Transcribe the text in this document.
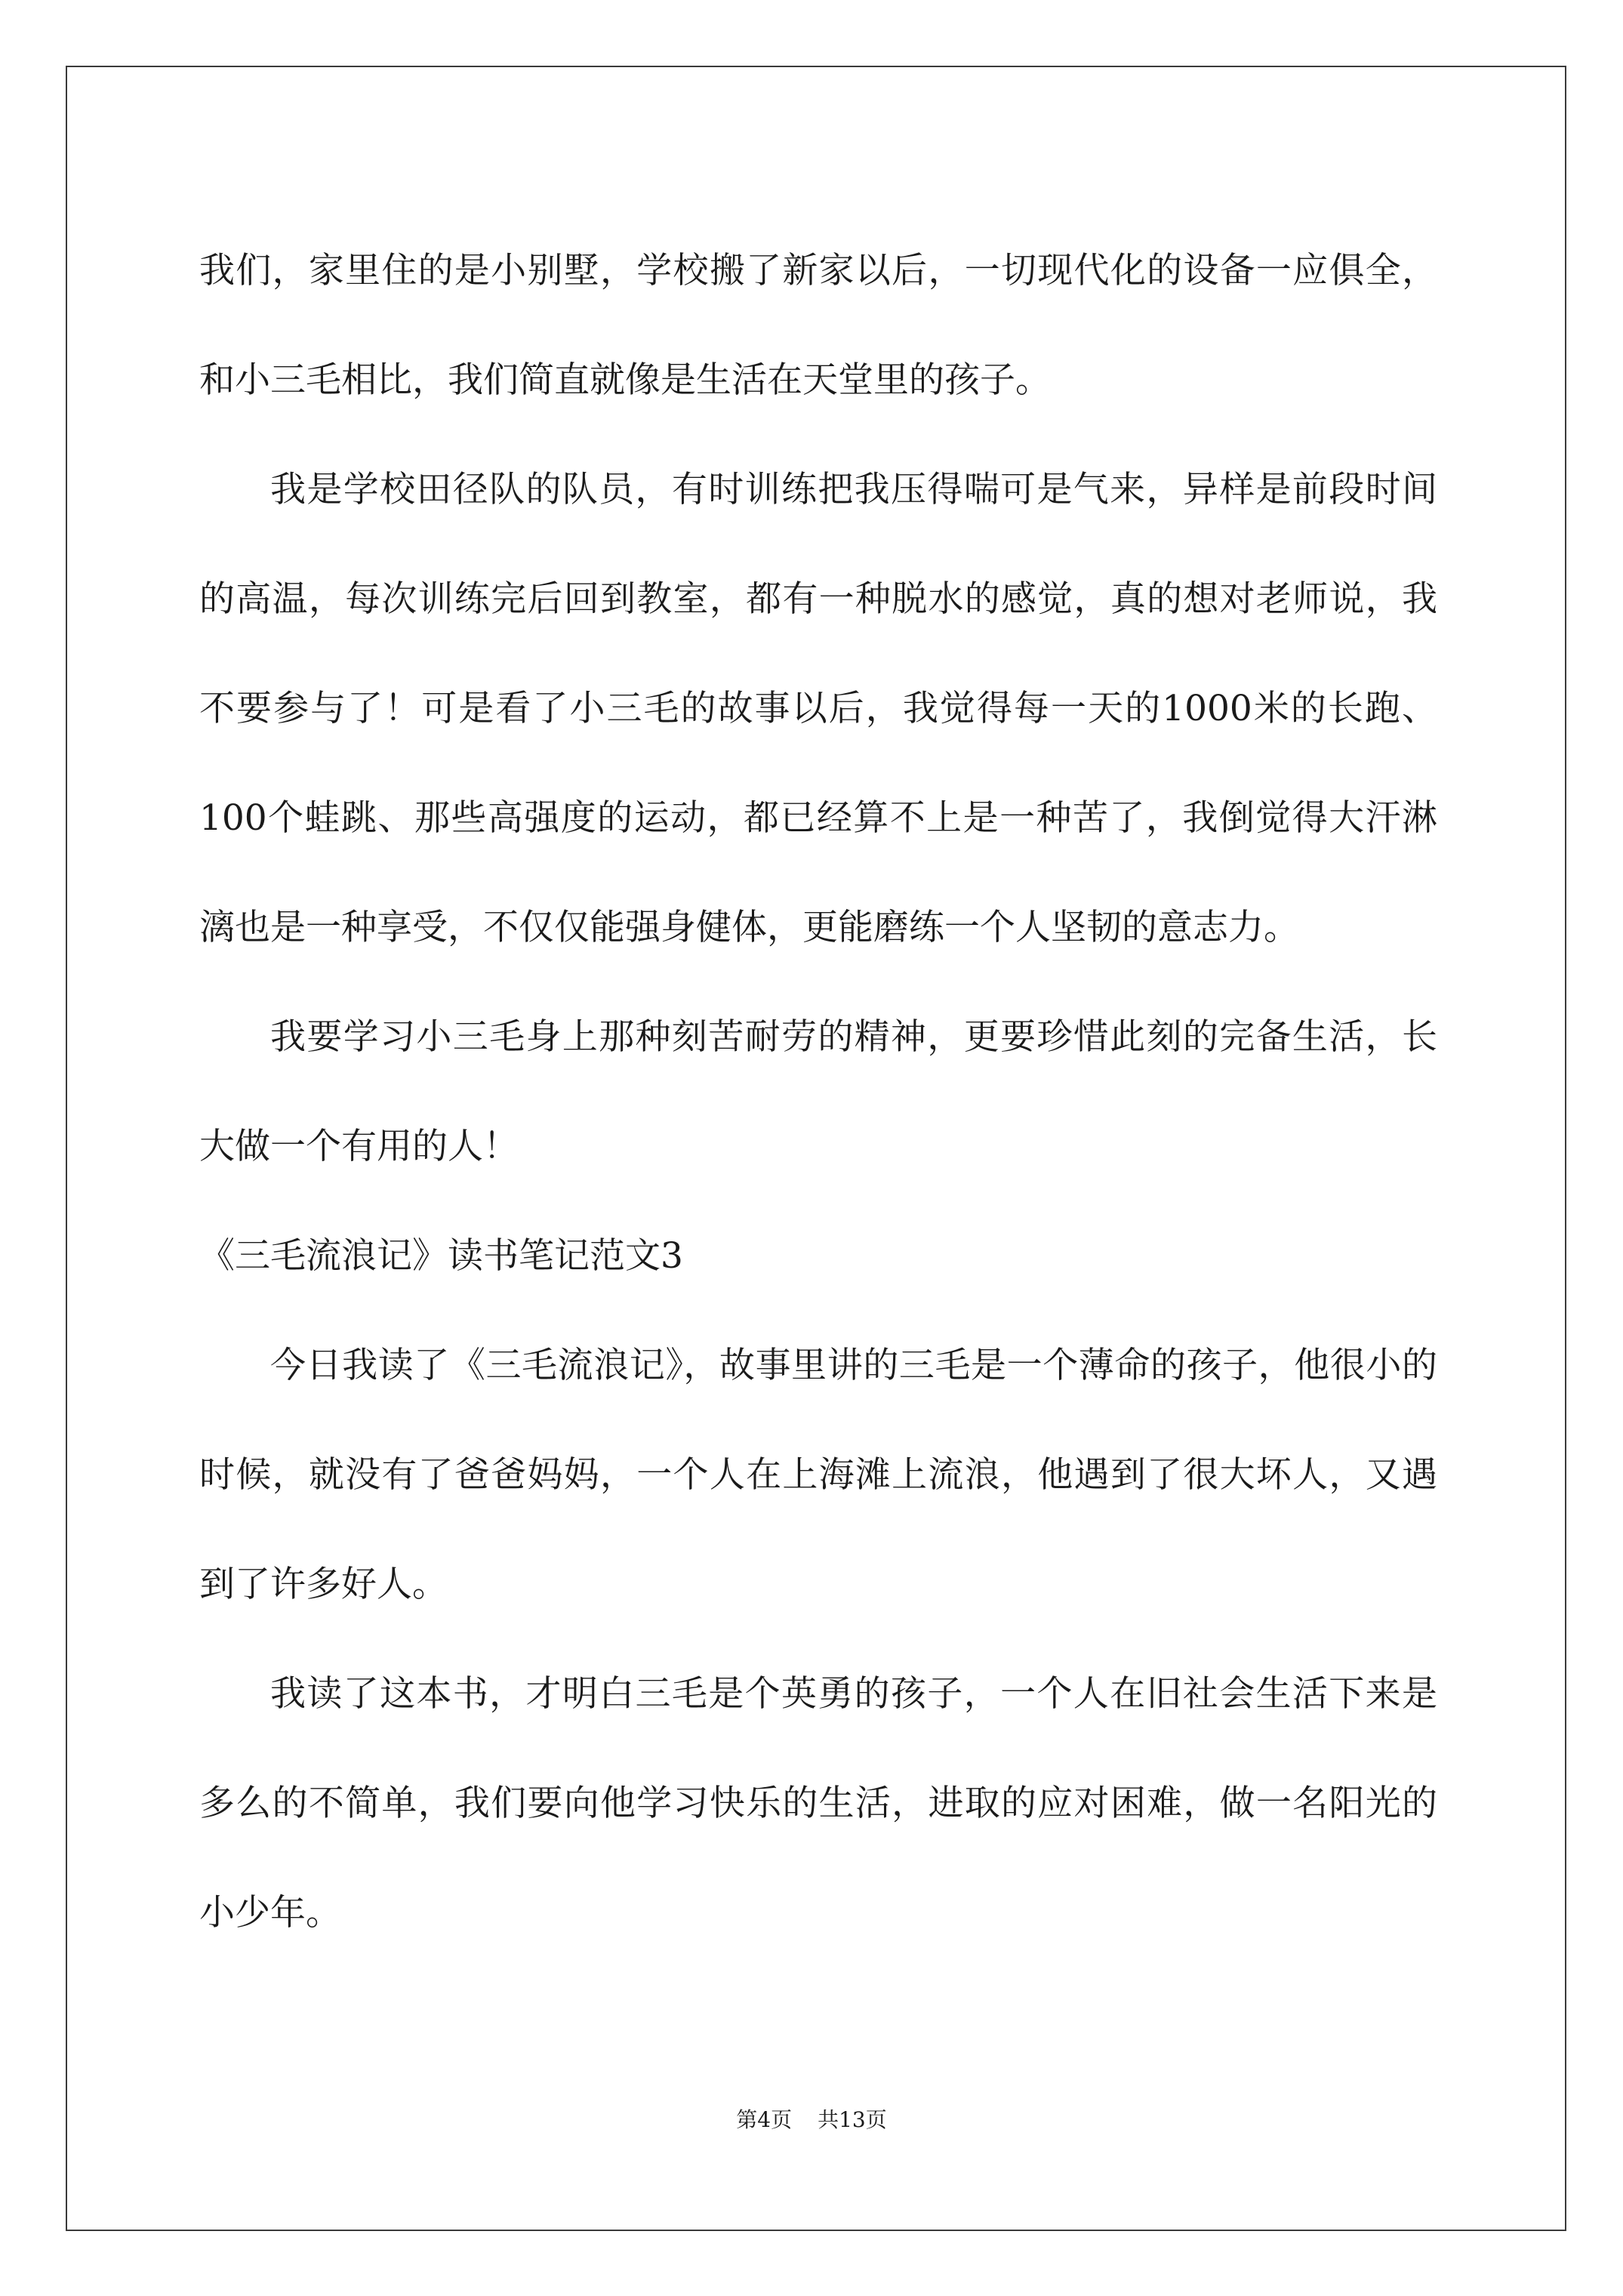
我们，家里住的是小别墅，学校搬了新家以后，一切现代化的设备一应俱全，和小三毛相比，我们简直就像是生活在天堂里的孩子。

我是学校田径队的队员，有时训练把我压得喘可是气来，异样是前段时间的高温，每次训练完后回到教室，都有一种脱水的感觉，真的想对老师说，我不要参与了！可是看了小三毛的故事以后，我觉得每一天的1000米的长跑、100个蛙跳、那些高强度的运动，都已经算不上是一种苦了，我倒觉得大汗淋漓也是一种享受，不仅仅能强身健体，更能磨练一个人坚韧的意志力。

我要学习小三毛身上那种刻苦耐劳的精神，更要珍惜此刻的完备生活，长大做一个有用的人！

《三毛流浪记》读书笔记范文3

今日我读了《三毛流浪记》，故事里讲的三毛是一个薄命的孩子，他很小的时候，就没有了爸爸妈妈，一个人在上海滩上流浪，他遇到了很大坏人，又遇到了许多好人。

我读了这本书，才明白三毛是个英勇的孩子，一个人在旧社会生活下来是多么的不简单，我们要向他学习快乐的生活，进取的应对困难，做一名阳光的小少年。

第4页 共13页
